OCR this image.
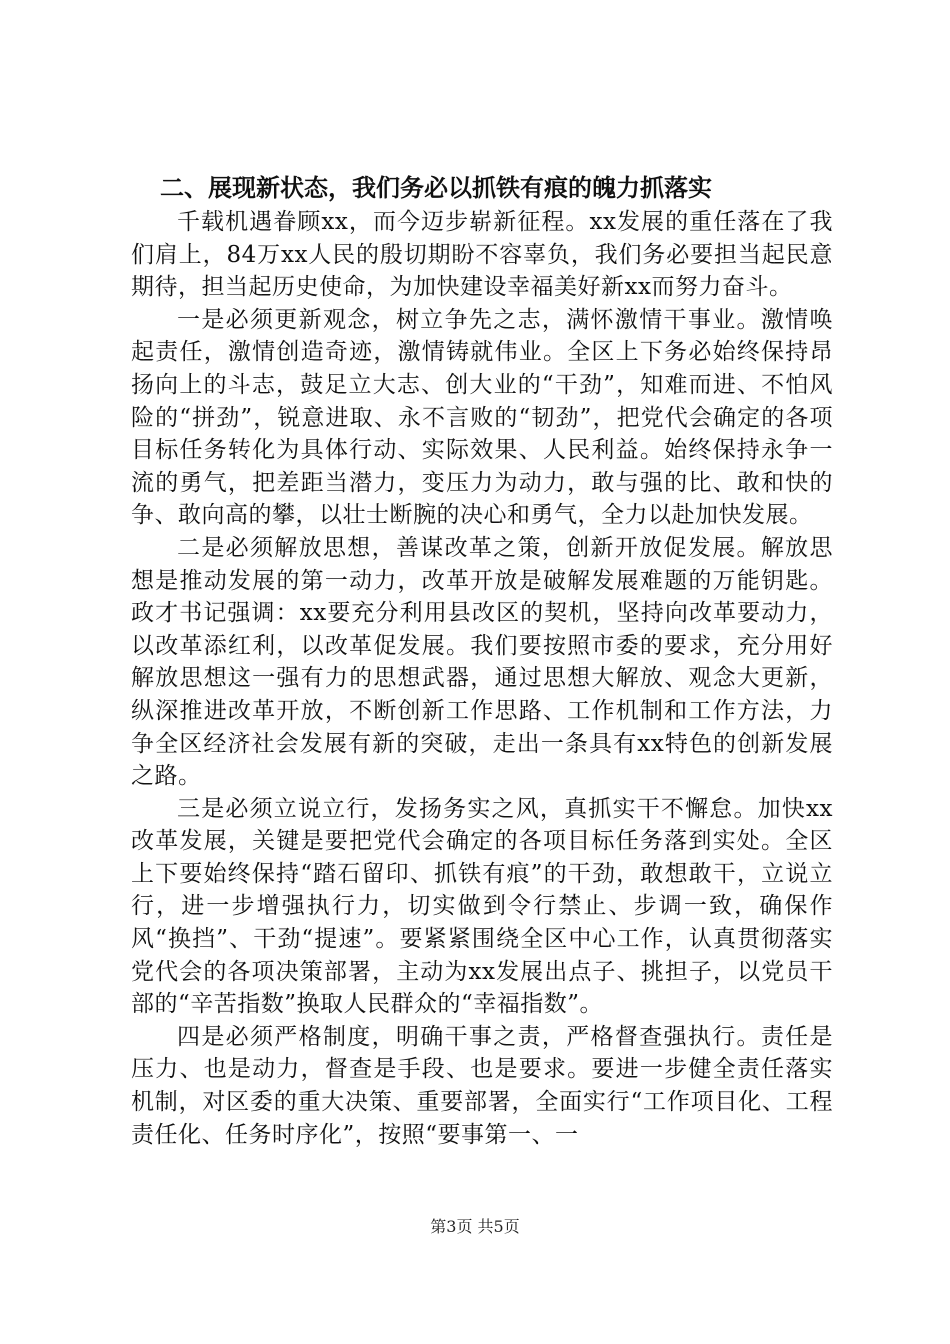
二、展现新状态，我们务必以抓铁有痕的魄力抓落实

千载机遇眷顾xx，而今迈步崭新征程。xx发展的重任落在了我们肩上，84万xx人民的殷切期盼不容辜负，我们务必要担当起民意期待，担当起历史使命，为加快建设幸福美好新xx而努力奋斗。

一是必须更新观念，树立争先之志，满怀激情干事业。激情唤起责任，激情创造奇迹，激情铸就伟业。全区上下务必始终保持昂扬向上的斗志，鼓足立大志、创大业的“干劲”，知难而进、不怕风险的“拼劲”，锐意进取、永不言败的“韧劲”，把党代会确定的各项目标任务转化为具体行动、实际效果、人民利益。始终保持永争一流的勇气，把差距当潜力，变压力为动力，敢与强的比、敢和快的争、敢向高的攀，以壮士断腕的决心和勇气，全力以赴加快发展。

二是必须解放思想，善谋改革之策，创新开放促发展。解放思想是推动发展的第一动力，改革开放是破解发展难题的万能钥匙。政才书记强调：xx要充分利用县改区的契机，坚持向改革要动力，以改革添红利，以改革促发展。我们要按照市委的要求，充分用好解放思想这一强有力的思想武器，通过思想大解放、观念大更新，纵深推进改革开放，不断创新工作思路、工作机制和工作方法，力争全区经济社会发展有新的突破，走出一条具有xx特色的创新发展之路。

三是必须立说立行，发扬务实之风，真抓实干不懈怠。加快xx改革发展，关键是要把党代会确定的各项目标任务落到实处。全区上下要始终保持“踏石留印、抓铁有痕”的干劲，敢想敢干，立说立行，进一步增强执行力，切实做到令行禁止、步调一致，确保作风“换挡”、干劲“提速”。要紧紧围绕全区中心工作，认真贯彻落实党代会的各项决策部署，主动为xx发展出点子、挑担子，以党员干部的“辛苦指数”换取人民群众的“幸福指数”。

四是必须严格制度，明确干事之责，严格督查强执行。责任是压力、也是动力，督查是手段、也是要求。要进一步健全责任落实机制，对区委的重大决策、重要部署，全面实行“工作项目化、工程责任化、任务时序化”，按照“要事第一、一

第3页 共5页
